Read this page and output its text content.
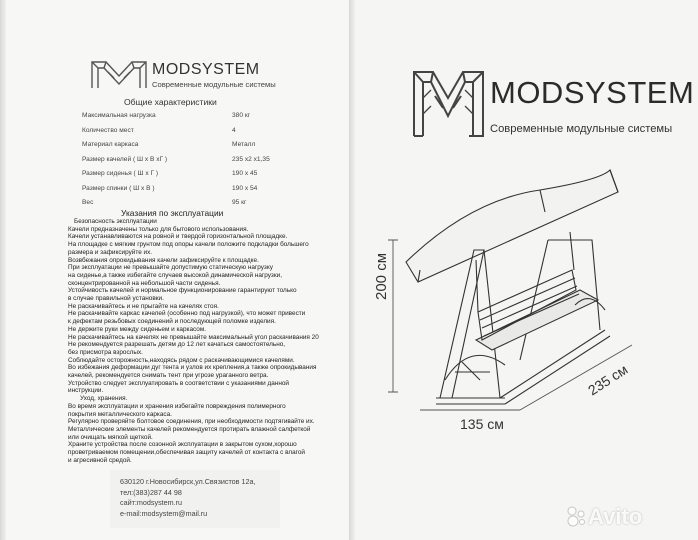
MODSYSTEM
Современные модульные системы
Общие характеристики
Максимальная нагрузка	380 кг
Количество мест	4
Материал каркаса	Металл
Размер качелей ( Ш х В хГ )	235 х2 х1,35
Размер сиденья ( Ш х Г )	190 х 45
Размер спинки ( Ш х В )	190 х 54
Вес	95 кг
Указания по эксплуатации
Безопасность эксплуатации
Качели предназначены только для бытового использования.
Качели устанавливаются на ровной и твердой горизонтальной площадке.
На площадке с мягким грунтом под опоры качели положите подкладки большего
размера и зафиксируйте их.
Возвбежания опрокидывания качели зафиксируйте к площадке.
При эксплуатации не превышайте допустимую статическую нагрузку
на сиденье,а также избегайте случаев высокой динамической нагрузки,
сконцентрированной на небольшой части сиденья.
Устойчивость качелей и нормальное функционирование гарантируют только
в случае правильной установки.
Не раскачивайтесь и не прыгайте на качелях стоя.
Не раскачивайте каркас качелей (особенно под нагрузкой), что может привести
к дефектам резьбовых соединений и последующей поломке изделия.
Не держите руки между сиденьем и каркасом.
Не раскачивайтесь на качелях не превышайте максимальный угол раскачивания 20
Не рекомендуется разрешать детям до 12 лет качаться самостоятельно,
без присмотра взрослых.
Соблюдайте осторожность,находясь рядом с раскачивающимися качелями.
Во избежания деформации дуг тента и узлов их крепления,а также опрокидывания
качелей, рекомендуется снимать тент при угрозе ураганного ветра.
Устройство следует эксплуатировать в соответствии с указаниями данной
инструкции.
Уход, хранения.
Во время эксплуатации и хранения избегайте повреждения полимерного
покрытия металлического каркаса.
Регулярно проверяйте болтовое соединения, при необходимости подтягивайте их.
Металлические элементы качелей рекомендуется протирать влажной салфеткой
или очищать мягкой щеткой.
Храните устройства после созонной эксплуатации в закрытом сухом,хорошо
проветриваемом помещении,обеспечивая защиту качелей от контакта с влагой
и агресивной средой.
630120 г.Новосибирск,ул.Связистов 12а,
тел:(383)287 44 98
сайт:modsystem.ru
e-mail:modsystem@mail.ru
MODSYSTEM
Современные модульные системы
200 см
135 см
235 см
Avito
